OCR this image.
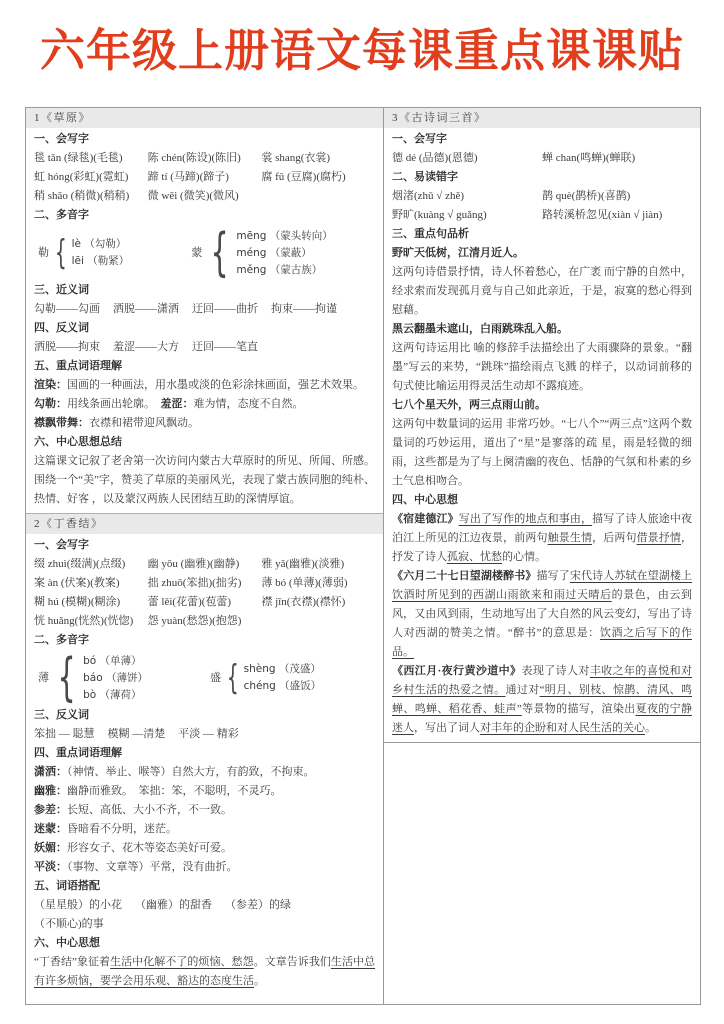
六年级上册语文每课重点课课贴
1《草原》
一、会写字
毯 tǎn (绿毯)(毛毯)	陈 chén(陈设)(陈旧)	裳 shang(衣裳)
虹 hóng(彩虹)(霓虹)	蹄 tí (马蹄)(蹄子)	腐 fǔ (豆腐)(腐朽)
稍 shāo (稍微)(稍稍)	微 wēi (微笑)(微风)
二、多音字
勒 { lè （勾勒）
lēi （勒紧）
蒙 { mēng （蒙头转向）
méng （蒙蔽）
měng （蒙古族）
三、近义词
勾勒——勾画 洒脱——潇洒 迂回——曲折 拘束——拘谨
四、反义词
洒脱——拘束 羞涩——大方 迂回——笔直
五、重点词语理解
渲染：国画的一种画法，用水墨或淡的色彩涂抹画面，强艺术效果。
勾勒：用线条画出轮廓。　羞涩：难为情，态度不自然。
襟飘带舞：衣襟和裙带迎风飘动。
六、中心思想总结
这篇课文记叙了老舍第一次访问内蒙古大草原时的所见、所闻、所感。围绕一个“美”字，赞美了草原的美丽风光，表现了蒙古族同胞的纯朴、热情、好客 ，以及蒙汉两族人民团结互助的深情厚谊。
2《丁香结》
一、会写字
缀 zhuì(缀满)(点缀)	幽 yōu (幽雅)(幽静)	雅 yǎ(幽雅)(淡雅)
案 àn (伏案)(教案)	拙 zhuō(笨拙)(拙劣)	薄 bó (单薄)(薄弱)
糊 hú (模糊)(糊涂)	蕾 lěi(花蕾)(苞蕾)	襟 jīn(衣襟)(襟怀)
恍 huǎng(恍然)(恍惚)	怨 yuàn(愁怨)(抱怨)
二、多音字
薄 { bó （单薄）
báo （薄饼）
bò （薄荷）
盛 { shèng （茂盛）
chéng （盛饭）
三、反义词
笨拙 — 聪慧 模糊 —清楚 平淡 — 精彩
四、重点词语理解
潇洒：（神情、举止、喉等）自然大方，有韵致，不拘束。
幽雅：幽静而雅致。　笨拙：笨，不聪明，不灵巧。
参差：长短、高低、大小不齐，不一致。
迷蒙：昏暗看不分明，迷茫。
妖媚：形容女子、花木等姿态美好可爱。
平淡：（事物、文章等）平常，没有曲折。
五、词语搭配
（星星般）的小花 （幽雅）的甜香 （参差）的绿
（不顺心)的事
六、中心思想
“丁香结”象征着生活中化解不了的烦恼、愁怨。文章告诉我们生活中总有许多烦恼，要学会用乐观、豁达的态度生活。
3《古诗词三首》
一、会写字
德 dé (品德)(恩德)	蝉 chan(鸣蝉)(蝉联)
二、易读错字
烟渚(zhǔ √ zhě)	鹊 què(鹊桥)(喜鹊)
野旷(kuàng √ guǎng)	路转溪桥忽见(xiàn √ jiàn)
三、重点句品析
野旷天低树，江清月近人。
这两句诗借景抒情，诗人怀着愁心，在广袤 而宁静的自然中，经求索而发现孤月竟与自己如此亲近，于是，寂寞的愁心得到慰藉。
黑云翻墨未遮山，白雨跳珠乱入船。
这两句诗运用比 喻的修辞手法描绘出了大雨骤降的景象。“翻墨”写云的来势，“跳珠”描绘雨点飞溅 的样子，以动词前移的句式使比喻运用得灵活生动却不露痕迹。
七八个星天外，两三点雨山前。
这两句中数量词的运用 非常巧妙。“七八个”“两三点”这两个数量词的巧妙运用，道出了“星”是寥落的疏 星，雨是轻微的细雨，这些都是为了与上阕清幽的夜色、恬静的气氛和朴素的乡土气息相吻合。
四、中心思想
《宿建德江》写出了写作的地点和事由，描写了诗人旅途中夜泊江上所见的江边夜景，前两句触景生情，后两句借景抒情，抒发了诗人孤寂、忧愁的心情。
《六月二十七日望湖楼醉书》描写了宋代诗人苏轼在望湖楼上饮酒时所见到的西湖山雨欲来和雨过天晴后的景色，由云到风，又由风到雨，生动地写出了大自然的风云变幻，写出了诗人对西湖的赞美之情。“醉书”的意思是：饮酒之后写下的作品。
《西江月·夜行黄沙道中》表现了诗人对丰收之年的喜悦和对乡村生活的热爱之情。通过对“明月、别枝、惊鹊、清风、鸣蝉、鸣蝉、稻花香、蛙声”等景物的描写，渲染出夏夜的宁静迷人，写出了词人对丰年的企盼和对人民生活的关心。
